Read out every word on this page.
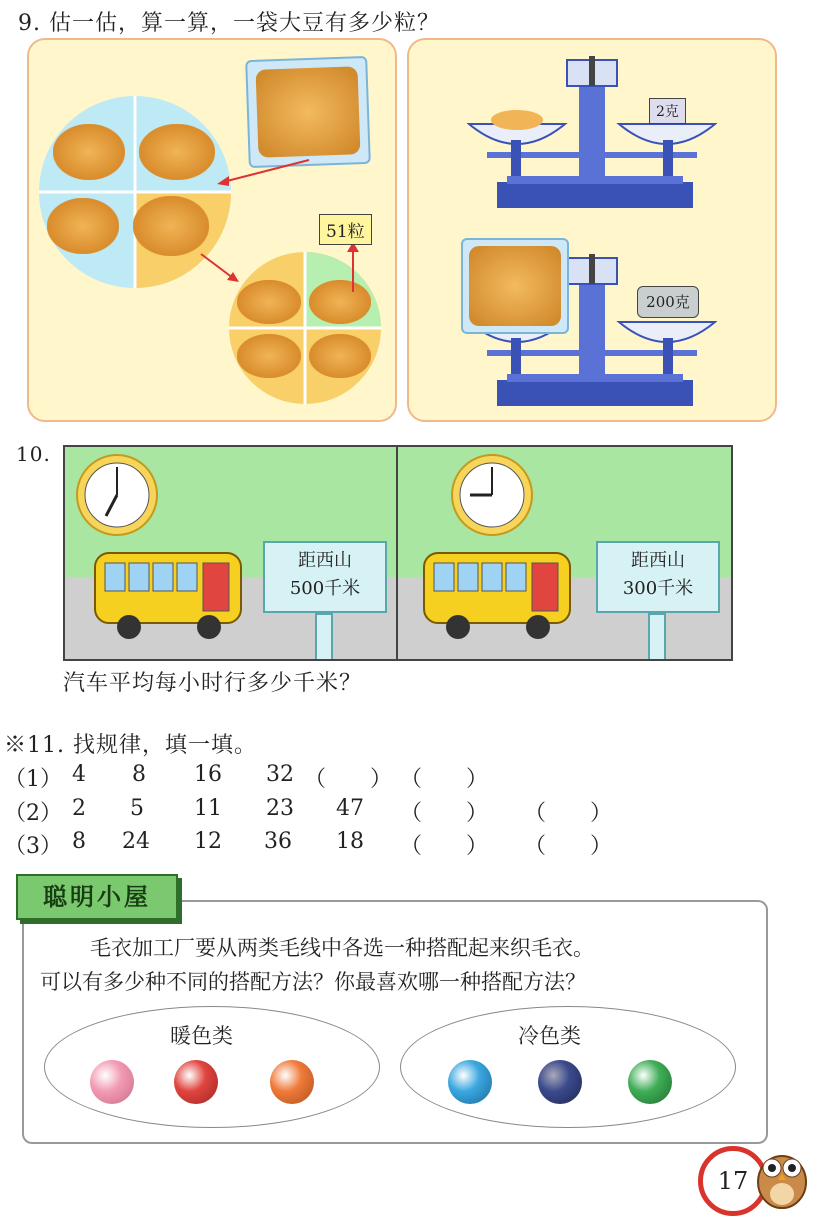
9. 估一估，算一算，一袋大豆有多少粒？
51粒
2克
200克
10.
距西山
500千米
距西山
300千米
汽车平均每小时行多少千米？
※11. 找规律，填一填。
（1） 4 8 16 32 （　　） （　　）
（2） 2 5 11 23 47 （　　） （　　）
（3） 8 24 12 36 18 （　　） （　　）
毛衣加工厂要从两类毛线中各选一种搭配起来织毛衣。
可以有多少种不同的搭配方法？你最喜欢哪一种搭配方法？
暖色类	冷色类
聪明小屋
17
